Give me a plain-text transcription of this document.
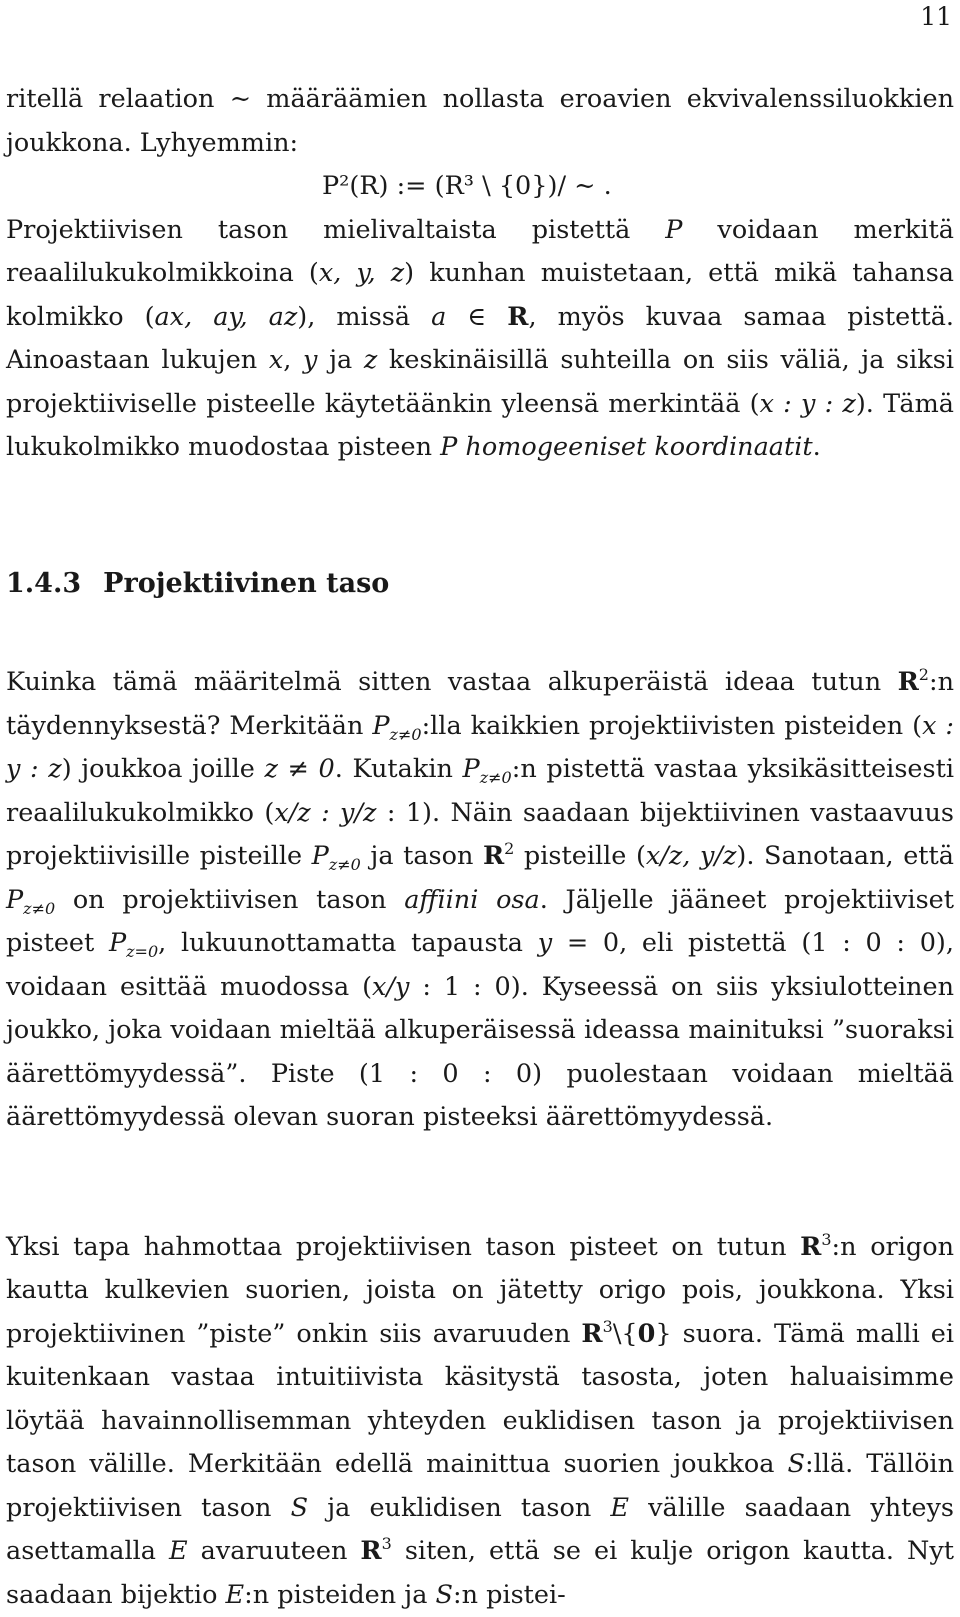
11

ritellä relaation ∼ määräämien nollasta eroavien ekvivalenssiluokkien joukkona. Lyhyemmin:

P²(R) := (R³ \ {0})/ ∼ .

Projektiivisen tason mielivaltaista pistettä P voidaan merkitä reaalilukukolmikkoina (x, y, z) kunhan muistetaan, että mikä tahansa kolmikko (ax, ay, az), missä a ∈ R, myös kuvaa samaa pistettä. Ainoastaan lukujen x, y ja z keskinäisillä suhteilla on siis väliä, ja siksi projektiiviselle pisteelle käytetäänkin yleensä merkintää (x : y : z). Tämä lukukolmikko muodostaa pisteen P homogeeniset koordinaatit.

1.4.3 Projektiivinen taso

Kuinka tämä määritelmä sitten vastaa alkuperäistä ideaa tutun $R^2:n$ täydennyksestä? Merkitään $P_{z\ne 0}:lla$ kaikkien projektiivisten pisteiden (x : y : z) joukkoa joille z ≠ 0. Kutakin $P_{z\ne 0}:n$ pistettä vastaa yksikäsitteisesti reaalilukukolmikko (x/z : y/z : 1). Näin saadaan bijektiivinen vastaavuus projektiivisille pisteille $P_{z\ne 0}$ ja tason $R^2$ pisteille (x/z, y/z). Sanotaan, että $P_{z\ne 0}$ on projektiivisen tason affiini osa. Jäljelle jääneet projektiiviset pisteet $P_{z=0}$, lukuunottamatta tapausta y = 0, eli pistettä (1 : 0 : 0), voidaan esittää muodossa (x/y : 1 : 0). Kyseessä on siis yksiulotteinen joukko, joka voidaan mieltää alkuperäisessä ideassa mainituksi ”suoraksi äärettömyydessä”. Piste (1 : 0 : 0) puolestaan voidaan mieltää äärettömyydessä olevan suoran pisteeksi äärettömyydessä.

Yksi tapa hahmottaa projektiivisen tason pisteet on tutun $R^3:n$ origon kautta kulkevien suorien, joista on jätetty origo pois, joukkona. Yksi projektiivinen ”piste” onkin siis avaruuden $R^3\backslash\{0\}$ suora. Tämä malli ei kuitenkaan vastaa intuitiivista käsitystä tasosta, joten haluaisimme löytää havainnollisemman yhteyden euklidisen tason ja projektiivisen tason välille. Merkitään edellä mainittua suorien joukkoa S:llä. Tällöin projektiivisen tason S ja euklidisen tason E välille saadaan yhteys asettamalla E avaruuteen $R^3$ siten, että se ei kulje origon kautta. Nyt saadaan bijektio E:n pisteiden ja S:n pistei-
